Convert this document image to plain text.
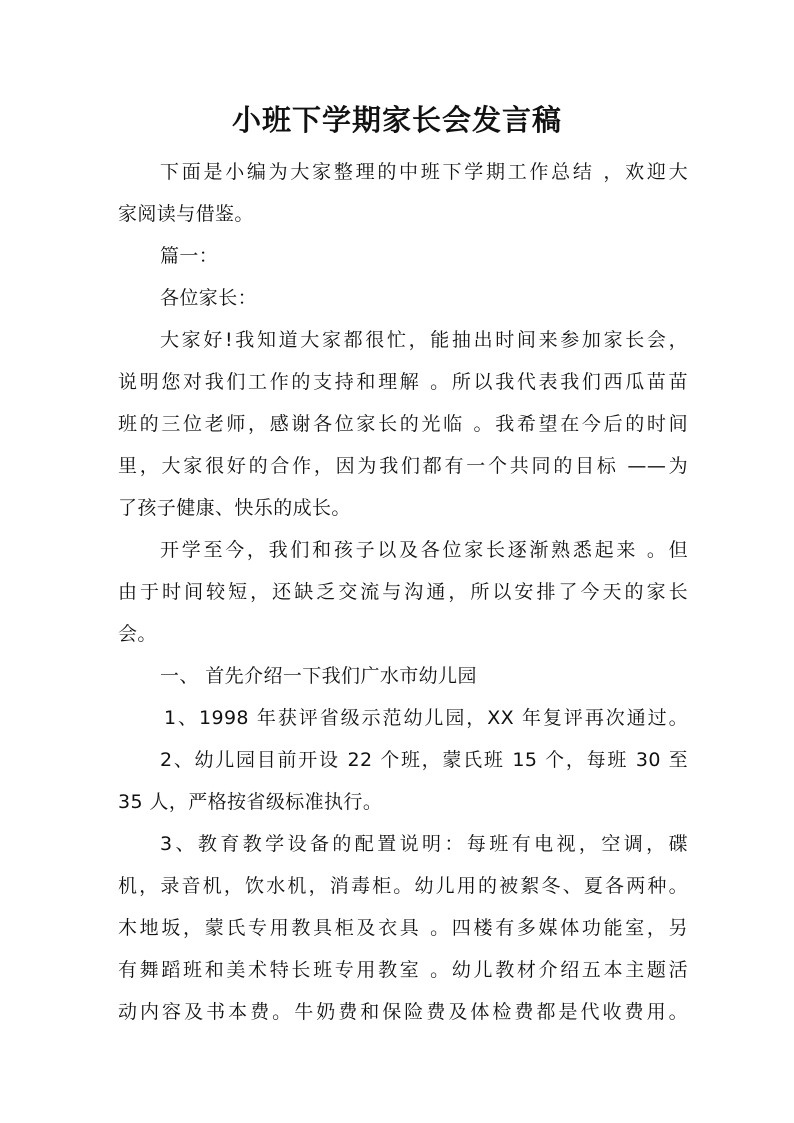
小班下学期家长会发言稿
下面是小编为大家整理的中班下学期工作总结 ，欢迎大
家阅读与借鉴。
篇一：
各位家长：
大家好!我知道大家都很忙，能抽出时间来参加家长会，
说明您对我们工作的支持和理解 。所以我代表我们西瓜苗苗
班的三位老师，感谢各位家长的光临 。我希望在今后的时间
里，大家很好的合作，因为我们都有一个共同的目标 ——为
了孩子健康、快乐的成长。
开学至今，我们和孩子以及各位家长逐渐熟悉起来 。但
由于时间较短，还缺乏交流与沟通，所以安排了今天的家长
会。
一、 首先介绍一下我们广水市幼儿园
1、1998 年获评省级示范幼儿园，XX 年复评再次通过。
2、幼儿园目前开设 22 个班，蒙氏班 15 个，每班 30 至
35 人，严格按省级标准执行。
3、教育教学设备的配置说明：每班有电视，空调，碟
机，录音机，饮水机，消毒柜。幼儿用的被絮冬、夏各两种。
木地坂，蒙氏专用教具柜及衣具 。四楼有多媒体功能室，另
有舞蹈班和美术特长班专用教室 。幼儿教材介绍五本主题活
动内容及书本费。牛奶费和保险费及体检费都是代收费用。
